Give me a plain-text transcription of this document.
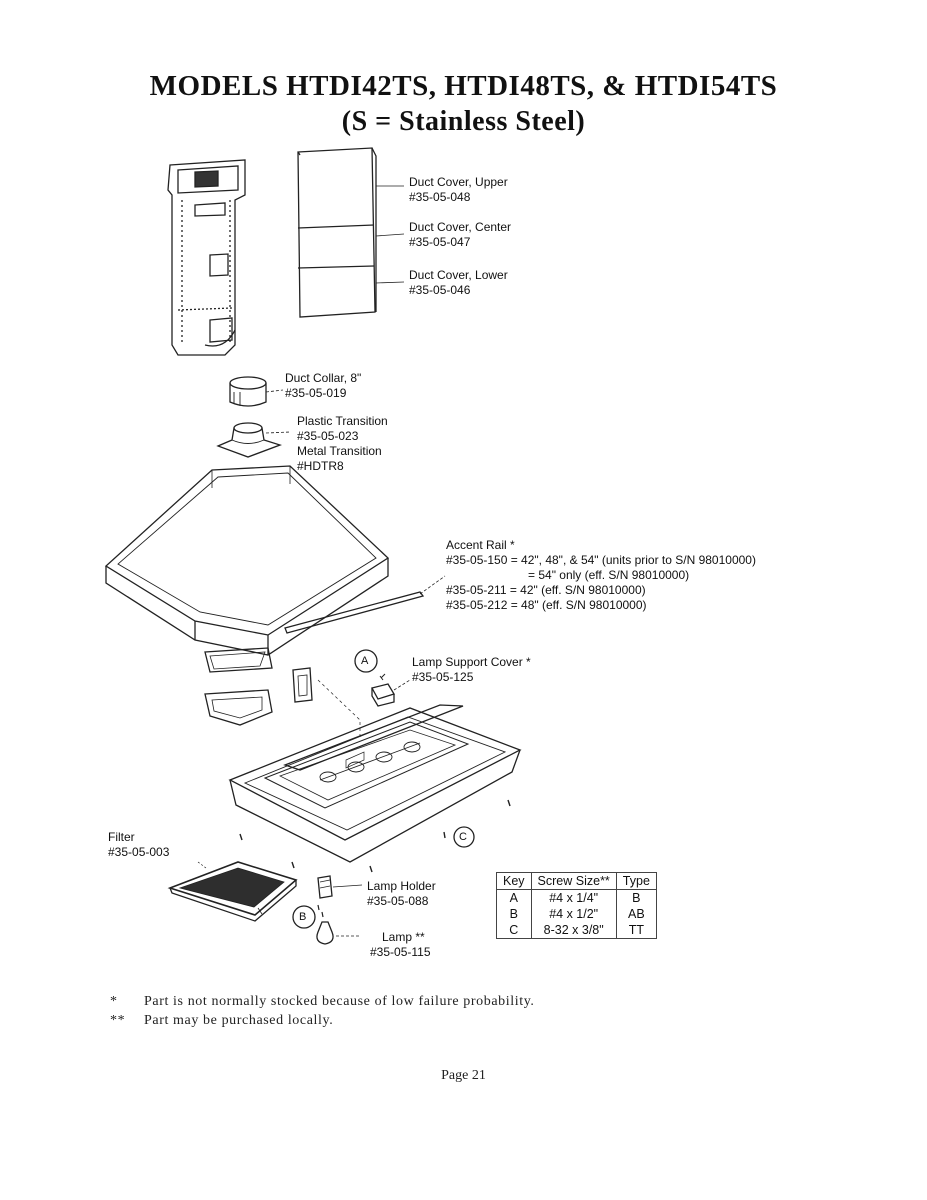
MODELS HTDI42TS, HTDI48TS, & HTDI54TS
(S = Stainless Steel)
Duct Cover, Upper
#35-05-048
Duct Cover, Center
#35-05-047
Duct Cover, Lower
#35-05-046
Duct Collar, 8"
#35-05-019
Plastic Transition
#35-05-023
Metal Transition
#HDTR8
Accent Rail *
#35-05-150 = 42", 48", & 54" (units prior to S/N 98010000)
= 54" only (eff. S/N 98010000)
#35-05-211 = 42" (eff. S/N 98010000)
#35-05-212 = 48" (eff. S/N 98010000)
A	Lamp Support Cover *
#35-05-125
C
Filter
#35-05-003
Lamp Holder
#35-05-088
B
Lamp **
#35-05-115
Key	Screw Size**	Type
A	#4 x 1/4"	B
B	#4 x 1/2"	AB
C	8-32 x 3/8"	TT
* Part is not normally stocked because of low failure probability.
** Part may be purchased locally.
Page 21
